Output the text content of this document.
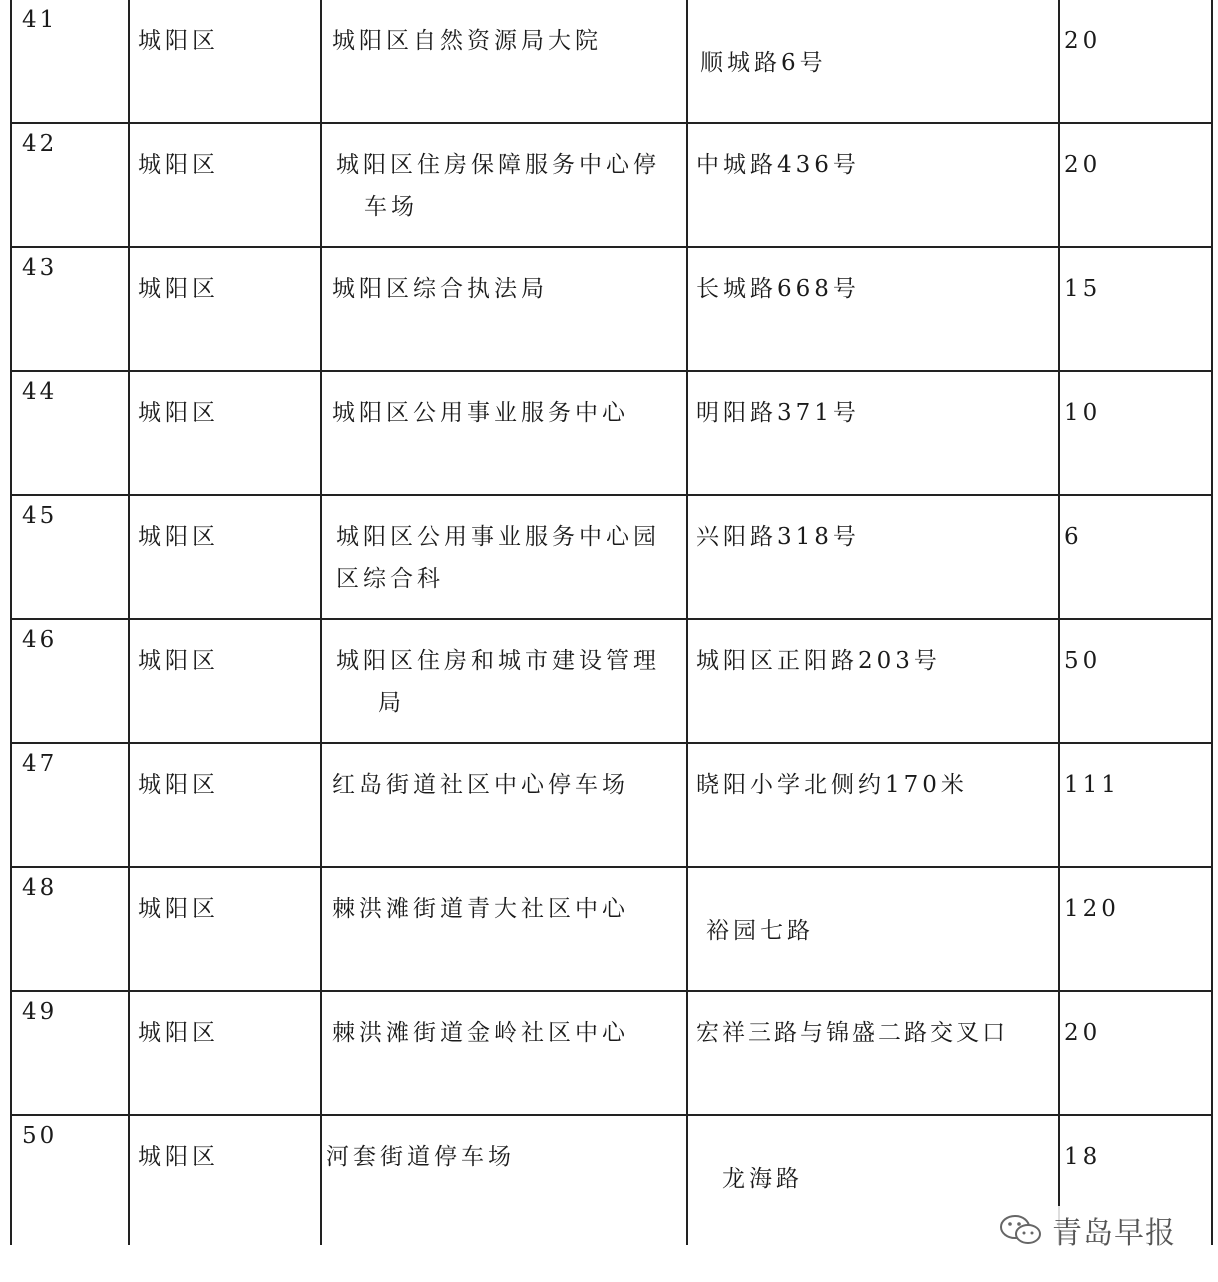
41	城阳区	城阳区自然资源局大院	顺城路6号	20

42	城阳区	城阳区住房保障服务中心停
车场	中城路436号	20

43	城阳区	城阳区综合执法局	长城路668号	15

44	城阳区	城阳区公用事业服务中心	明阳路371号	10

45	城阳区	城阳区公用事业服务中心园
区综合科	兴阳路318号	6

46	城阳区	城阳区住房和城市建设管理
局	城阳区正阳路203号	50

47	城阳区	红岛街道社区中心停车场	晓阳小学北侧约170米	111

48	城阳区	棘洪滩街道青大社区中心	裕园七路	120

49	城阳区	棘洪滩街道金岭社区中心	宏祥三路与锦盛二路交叉口	20

50	城阳区	河套街道停车场	龙海路	18
青岛早报
